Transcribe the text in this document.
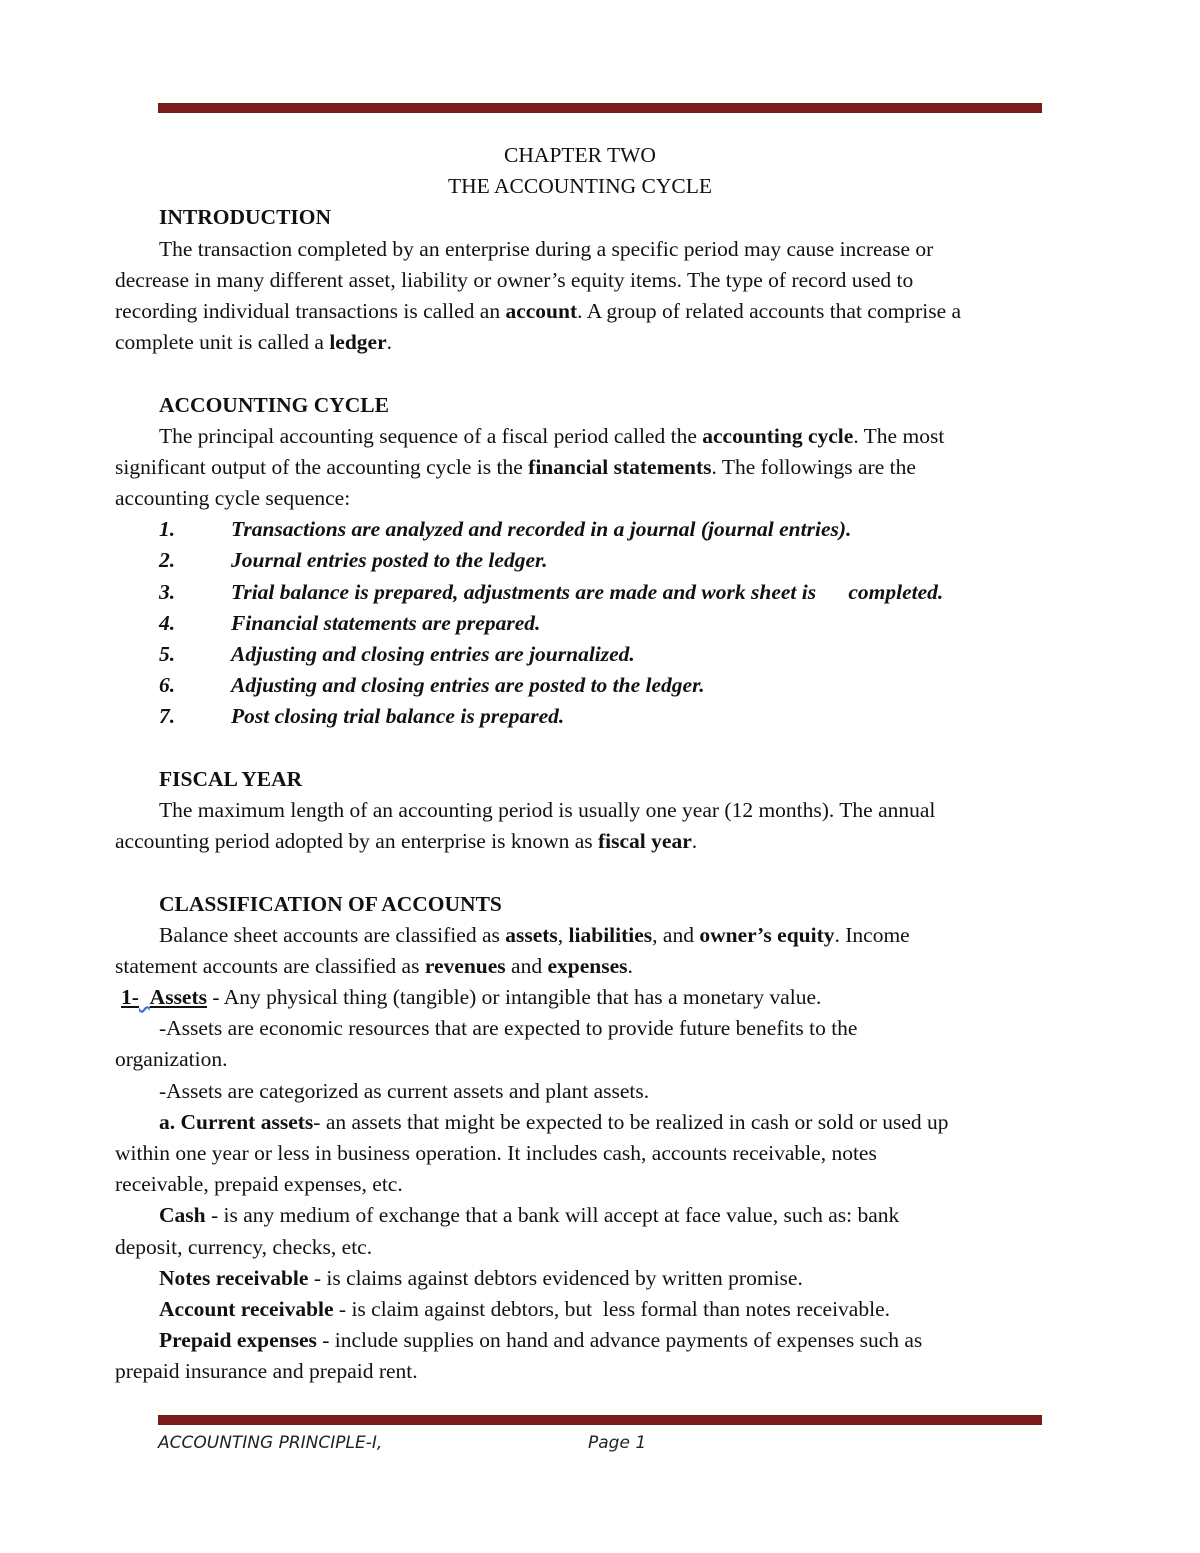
CHAPTER TWO
THE ACCOUNTING CYCLE
INTRODUCTION
The transaction completed by an enterprise during a specific period may cause increase or
decrease in many different asset, liability or owner’s equity items. The type of record used to
recording individual transactions is called an account. A group of related accounts that comprise a
complete unit is called a ledger.
ACCOUNTING CYCLE
The principal accounting sequence of a fiscal period called the accounting cycle. The most
significant output of the accounting cycle is the financial statements. The followings are the
accounting cycle sequence:
1.	Transactions are analyzed and recorded in a journal (journal entries).
2.	Journal entries posted to the ledger.
3.	Trial balance is prepared, adjustments are made and work sheet is      completed.
4.	Financial statements are prepared.
5.	Adjusting and closing entries are journalized.
6.	Adjusting and closing entries are posted to the ledger.
7.	Post closing trial balance is prepared.
FISCAL YEAR
The maximum length of an accounting period is usually one year (12 months). The annual
accounting period adopted by an enterprise is known as fiscal year.
CLASSIFICATION OF ACCOUNTS
Balance sheet accounts are classified as assets, liabilities, and owner’s equity. Income
statement accounts are classified as revenues and expenses.
1- Assets - Any physical thing (tangible) or intangible that has a monetary value.
-Assets are economic resources that are expected to provide future benefits to the
organization.
-Assets are categorized as current assets and plant assets.
a. Current assets- an assets that might be expected to be realized in cash or sold or used up
within one year or less in business operation. It includes cash, accounts receivable, notes
receivable, prepaid expenses, etc.
Cash - is any medium of exchange that a bank will accept at face value, such as: bank
deposit, currency, checks, etc.
Notes receivable - is claims against debtors evidenced by written promise.
Account receivable - is claim against debtors, but  less formal than notes receivable.
Prepaid expenses - include supplies on hand and advance payments of expenses such as
prepaid insurance and prepaid rent.
ACCOUNTING PRINCIPLE-I,	Page 1
